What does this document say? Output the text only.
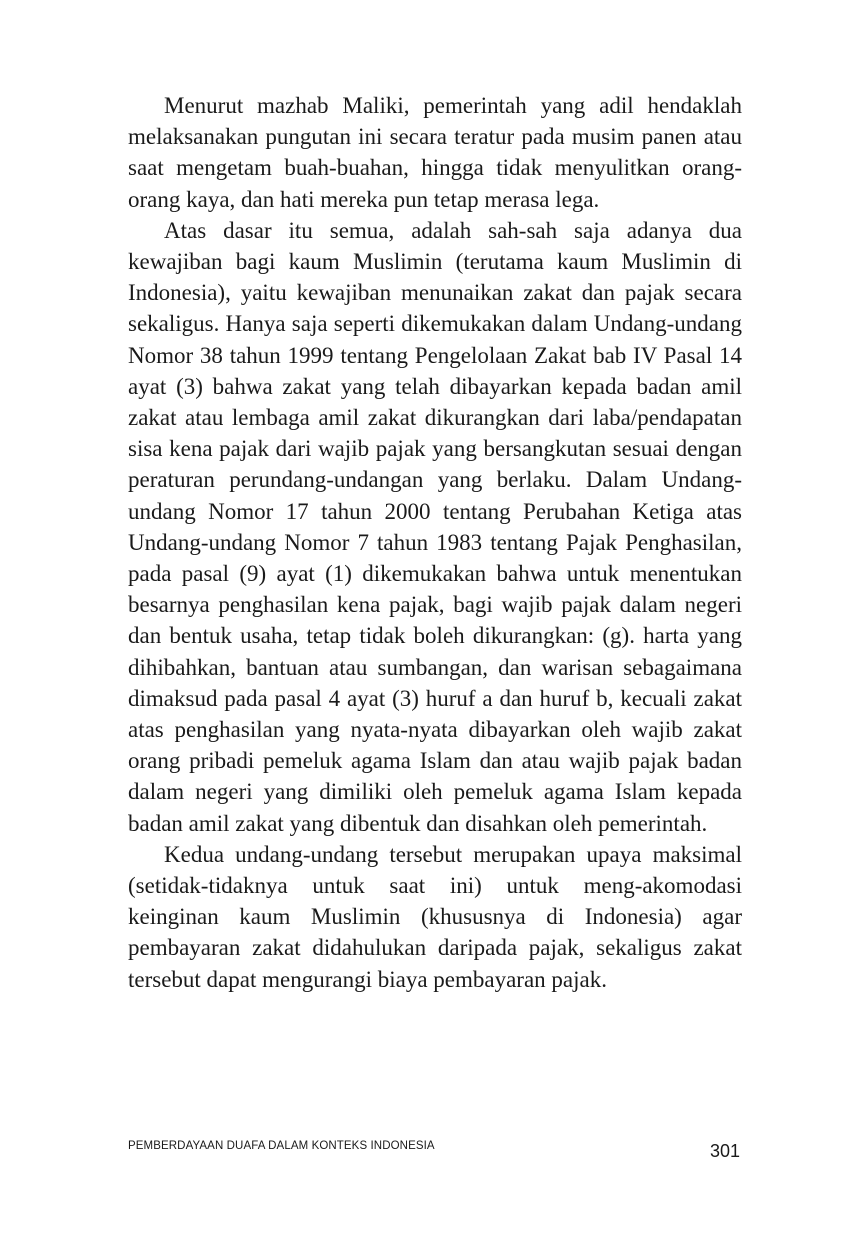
Menurut mazhab Maliki, pemerintah yang adil hendaklah melaksanakan pungutan ini secara teratur pada musim panen atau saat mengetam buah-buahan, hingga tidak menyulitkan orang-orang kaya, dan hati mereka pun tetap merasa lega.

Atas dasar itu semua, adalah sah-sah saja adanya dua kewajiban bagi kaum Muslimin (terutama kaum Muslimin di Indonesia), yaitu kewajiban menunaikan zakat dan pajak secara sekaligus. Hanya saja seperti dikemukakan dalam Undang-undang Nomor 38 tahun 1999 tentang Pengelolaan Zakat bab IV Pasal 14 ayat (3) bahwa zakat yang telah dibayarkan kepada badan amil zakat atau lembaga amil zakat dikurangkan dari laba/pendapatan sisa kena pajak dari wajib pajak yang bersangkutan sesuai dengan peraturan perundang-undangan yang berlaku. Dalam Undang-undang Nomor 17 tahun 2000 tentang Perubahan Ketiga atas Undang-undang Nomor 7 tahun 1983 tentang Pajak Penghasilan, pada pasal (9) ayat (1) dikemukakan bahwa untuk menentukan besarnya penghasilan kena pajak, bagi wajib pajak dalam negeri dan bentuk usaha, tetap tidak boleh dikurangkan: (g). harta yang dihibahkan, bantuan atau sumbangan, dan warisan sebagaimana dimaksud pada pasal 4 ayat (3) huruf a dan huruf b, kecuali zakat atas penghasilan yang nyata-nyata dibayarkan oleh wajib zakat orang pribadi pemeluk agama Islam dan atau wajib pajak badan dalam negeri yang dimiliki oleh pemeluk agama Islam kepada badan amil zakat yang dibentuk dan disahkan oleh pemerintah.

Kedua undang-undang tersebut merupakan upaya maksimal (setidak-tidaknya untuk saat ini) untuk meng-akomodasi keinginan kaum Muslimin (khususnya di Indonesia) agar pembayaran zakat didahulukan daripada pajak, sekaligus zakat tersebut dapat mengurangi biaya pembayaran pajak.

PEMBERDAYAAN DUAFA DALAM KONTEKS INDONESIA	301
